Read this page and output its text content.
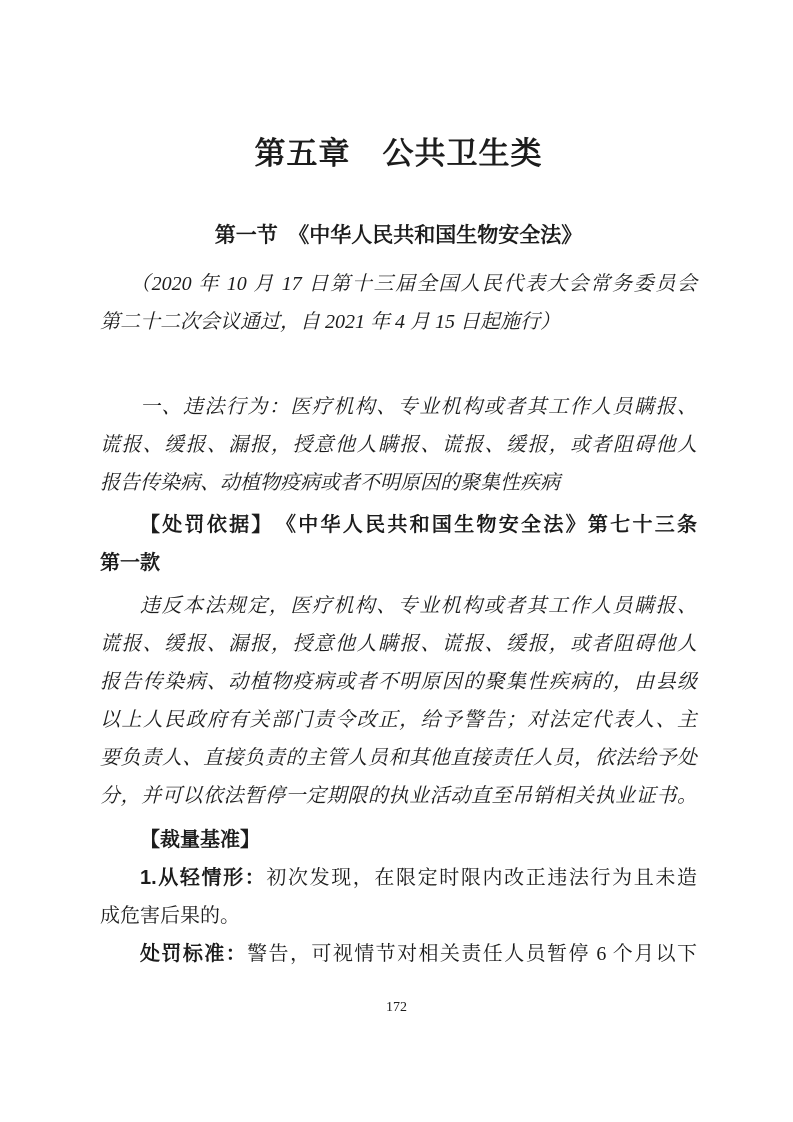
第五章　公共卫生类
第一节　《中华人民共和国生物安全法》
（2020 年 10 月 17 日第十三届全国人民代表大会常务委员会
第二十二次会议通过，自 2021 年 4 月 15 日起施行）
一、违法行为：医疗机构、专业机构或者其工作人员瞒报、
谎报、缓报、漏报，授意他人瞒报、谎报、缓报，或者阻碍他人
报告传染病、动植物疫病或者不明原因的聚集性疾病
【处罚依据】　《中华人民共和国生物安全法》第七十三条
第一款
违反本法规定，医疗机构、专业机构或者其工作人员瞒报、
谎报、缓报、漏报，授意他人瞒报、谎报、缓报，或者阻碍他人
报告传染病、动植物疫病或者不明原因的聚集性疾病的，由县级
以上人民政府有关部门责令改正，给予警告；对法定代表人、主
要负责人、直接负责的主管人员和其他直接责任人员，依法给予处
分，并可以依法暂停一定期限的执业活动直至吊销相关执业证书。
【裁量基准】
1.从轻情形：初次发现，在限定时限内改正违法行为且未造
成危害后果的。
处罚标准：警告，可视情节对相关责任人员暂停 6 个月以下
172
